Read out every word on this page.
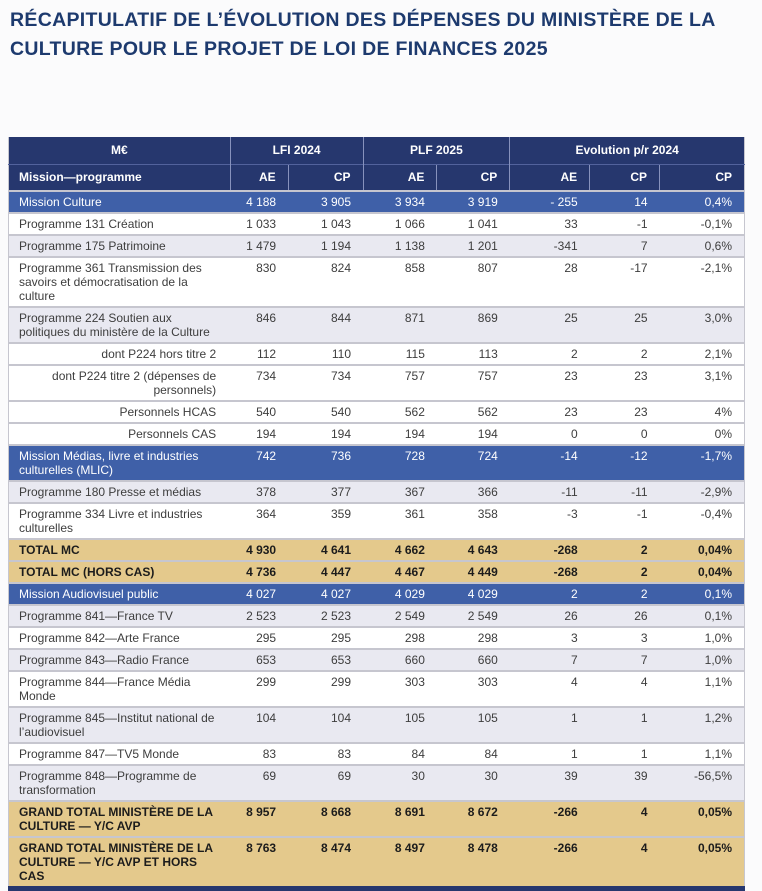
RÉCAPITULATIF DE L’ÉVOLUTION DES DÉPENSES DU MINISTÈRE DE LA CULTURE POUR LE PROJET DE LOI DE FINANCES 2025
M€	LFI 2024		PLF 2025		Evolution p/r 2024		
Mission—programme	AE	CP	AE	CP	AE	CP	CP
Mission Culture	4 188	3 905	3 934	3 919	- 255	14	0,4%
Programme 131 Création	1 033	1 043	1 066	1 041	33	-1	-0,1%
Programme 175 Patrimoine	1 479	1 194	1 138	1 201	-341	7	0,6%
Programme 361 Transmission des savoirs et démocratisation de la culture	830	824	858	807	28	-17	-2,1%
Programme 224 Soutien aux politiques du ministère de la Culture	846	844	871	869	25	25	3,0%
dont P224 hors titre 2	112	110	115	113	2	2	2,1%
dont P224 titre 2 (dépenses de personnels)	734	734	757	757	23	23	3,1%
Personnels HCAS	540	540	562	562	23	23	4%
Personnels CAS	194	194	194	194	0	0	0%
Mission Médias, livre et industries culturelles (MLIC)	742	736	728	724	-14	-12	-1,7%
Programme 180 Presse et médias	378	377	367	366	-11	-11	-2,9%
Programme 334 Livre et industries culturelles	364	359	361	358	-3	-1	-0,4%
TOTAL MC	4 930	4 641	4 662	4 643	-268	2	0,04%
TOTAL MC (HORS CAS)	4 736	4 447	4 467	4 449	-268	2	0,04%
Mission Audiovisuel public	4 027	4 027	4 029	4 029	2	2	0,1%
Programme 841—France TV	2 523	2 523	2 549	2 549	26	26	0,1%
Programme 842—Arte France	295	295	298	298	3	3	1,0%
Programme 843—Radio France	653	653	660	660	7	7	1,0%
Programme 844—France Média Monde	299	299	303	303	4	4	1,1%
Programme 845—Institut national de l’audiovisuel	104	104	105	105	1	1	1,2%
Programme 847—TV5 Monde	83	83	84	84	1	1	1,1%
Programme 848—Programme de transformation	69	69	30	30	39	39	-56,5%
GRAND TOTAL MINISTÈRE DE LA CULTURE — Y/C AVP	8 957	8 668	8 691	8 672	-266	4	0,05%
GRAND TOTAL MINISTÈRE DE LA CULTURE — Y/C AVP ET HORS CAS	8 763	8 474	8 497	8 478	-266	4	0,05%
